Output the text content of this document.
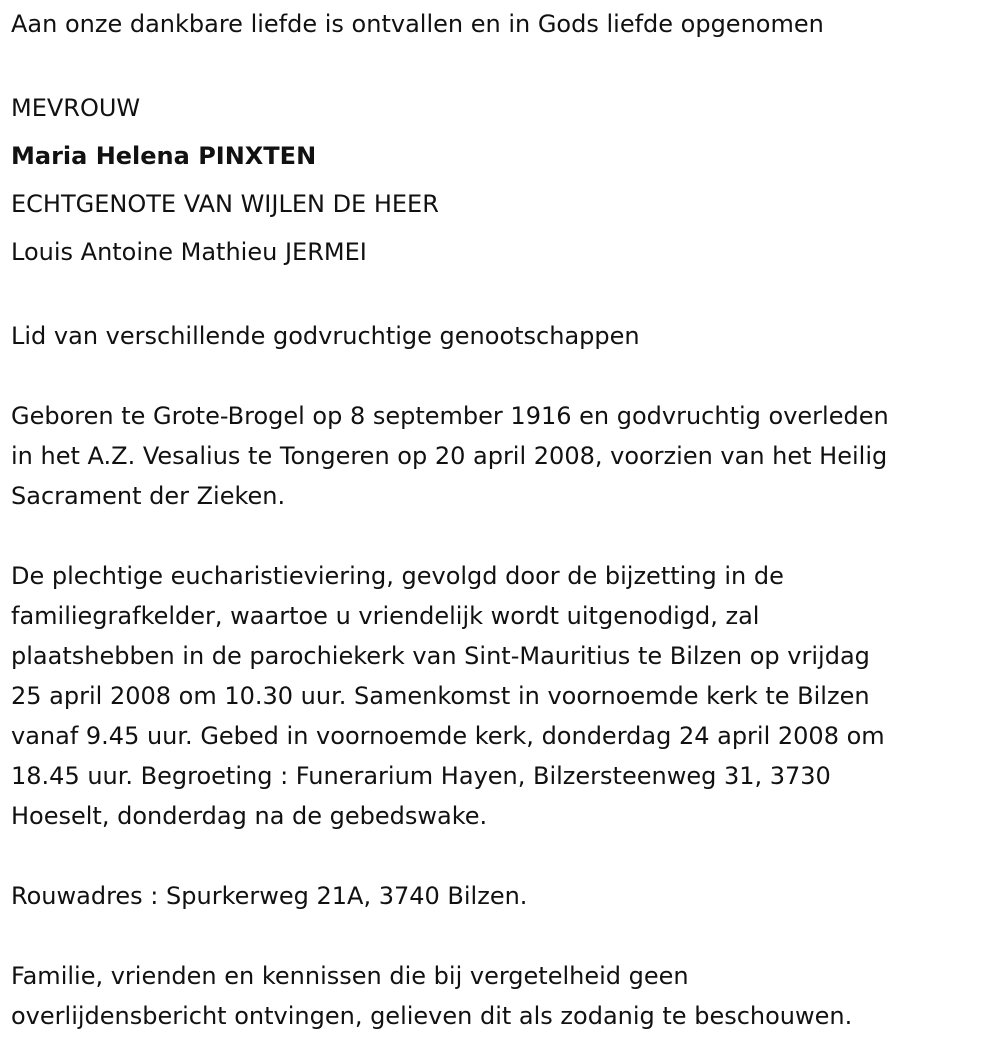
Aan onze dankbare liefde is ontvallen en in Gods liefde opgenomen

MEVROUW

Maria Helena PINXTEN

ECHTGENOTE VAN WIJLEN DE HEER

Louis Antoine Mathieu JERMEI

Lid van verschillende godvruchtige genootschappen

Geboren te Grote-Brogel op 8 september 1916 en godvruchtig overleden

in het A.Z. Vesalius te Tongeren op 20 april 2008, voorzien van het Heilig

Sacrament der Zieken.

De plechtige eucharistieviering, gevolgd door de bijzetting in de

familiegrafkelder, waartoe u vriendelijk wordt uitgenodigd, zal

plaatshebben in de parochiekerk van Sint-Mauritius te Bilzen op vrijdag

25 april 2008 om 10.30 uur. Samenkomst in voornoemde kerk te Bilzen

vanaf 9.45 uur. Gebed in voornoemde kerk, donderdag 24 april 2008 om

18.45 uur. Begroeting : Funerarium Hayen, Bilzersteenweg 31, 3730

Hoeselt, donderdag na de gebedswake.

Rouwadres : Spurkerweg 21A, 3740 Bilzen.

Familie, vrienden en kennissen die bij vergetelheid geen

overlijdensbericht ontvingen, gelieven dit als zodanig te beschouwen.
